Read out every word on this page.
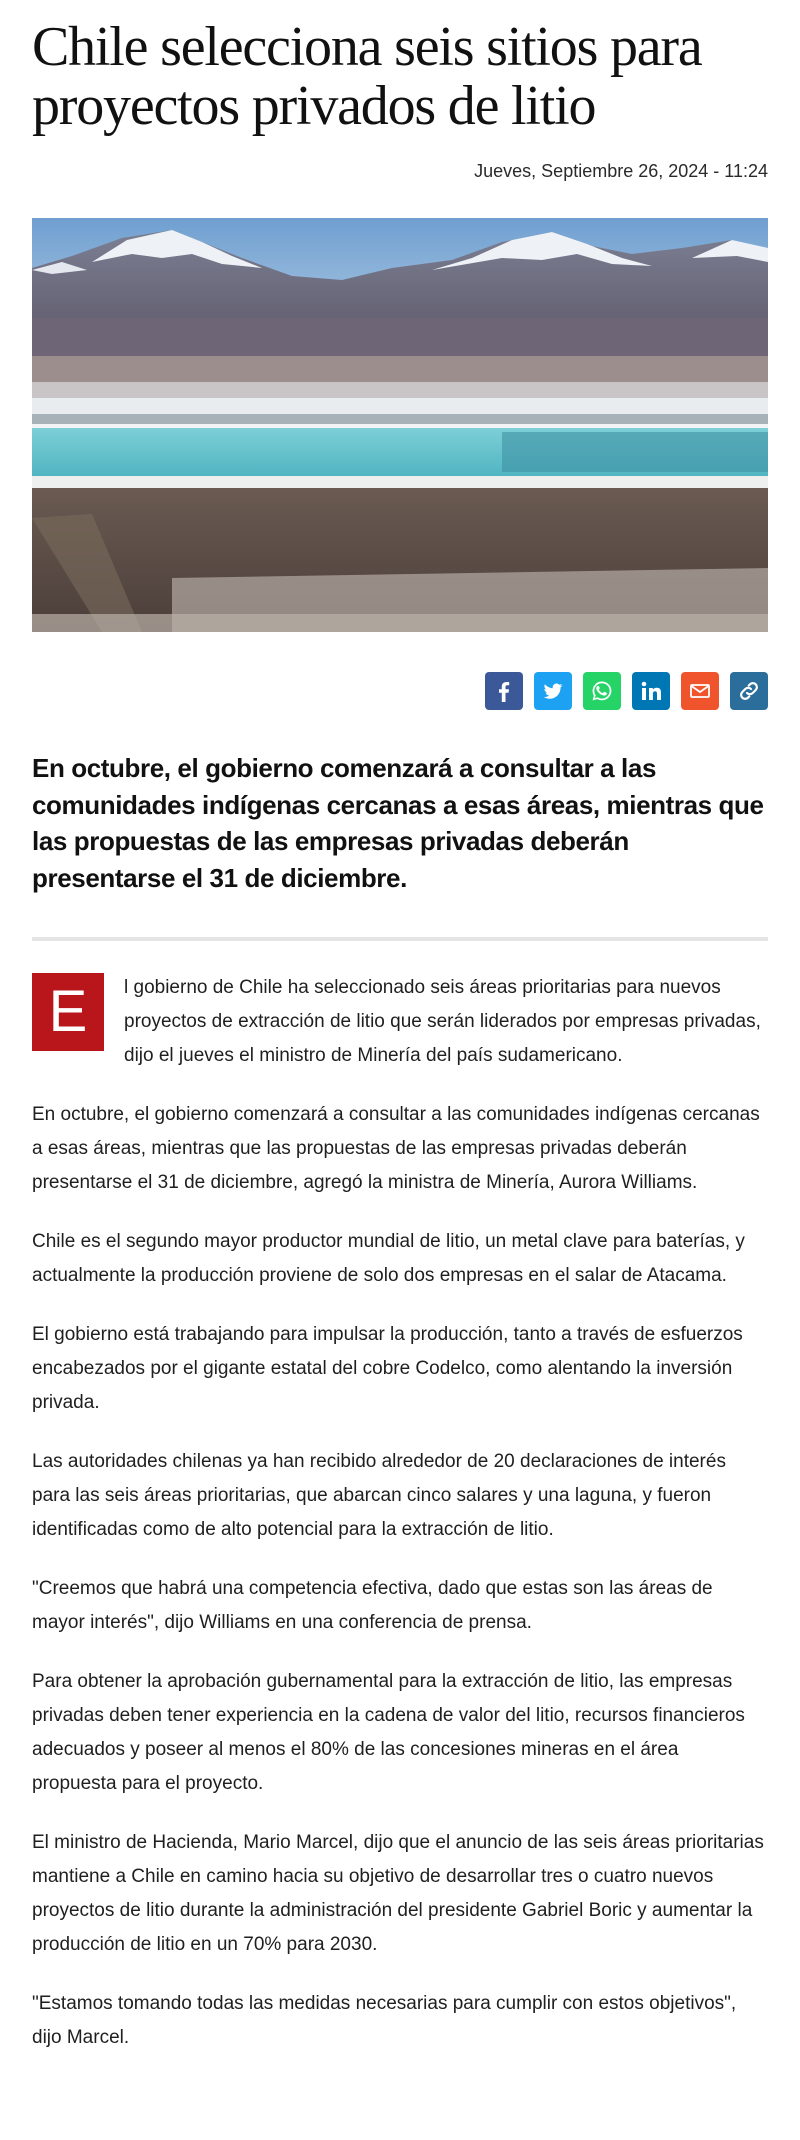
Chile selecciona seis sitios para proyectos privados de litio
Jueves, Septiembre 26, 2024 - 11:24

En octubre, el gobierno comenzará a consultar a las comunidades indígenas cercanas a esas áreas, mientras que las propuestas de las empresas privadas deberán presentarse el 31 de diciembre.

E	l gobierno de Chile ha seleccionado seis áreas prioritarias para nuevos proyectos de extracción de litio que serán liderados por empresas privadas, dijo el jueves el ministro de Minería del país sudamericano.

En octubre, el gobierno comenzará a consultar a las comunidades indígenas cercanas a esas áreas, mientras que las propuestas de las empresas privadas deberán presentarse el 31 de diciembre, agregó la ministra de Minería, Aurora Williams.

Chile es el segundo mayor productor mundial de litio, un metal clave para baterías, y actualmente la producción proviene de solo dos empresas en el salar de Atacama.

El gobierno está trabajando para impulsar la producción, tanto a través de esfuerzos encabezados por el gigante estatal del cobre Codelco, como alentando la inversión privada.

Las autoridades chilenas ya han recibido alrededor de 20 declaraciones de interés para las seis áreas prioritarias, que abarcan cinco salares y una laguna, y fueron identificadas como de alto potencial para la extracción de litio.

"Creemos que habrá una competencia efectiva, dado que estas son las áreas de mayor interés", dijo Williams en una conferencia de prensa.

Para obtener la aprobación gubernamental para la extracción de litio, las empresas privadas deben tener experiencia en la cadena de valor del litio, recursos financieros adecuados y poseer al menos el 80% de las concesiones mineras en el área propuesta para el proyecto.

El ministro de Hacienda, Mario Marcel, dijo que el anuncio de las seis áreas prioritarias mantiene a Chile en camino hacia su objetivo de desarrollar tres o cuatro nuevos proyectos de litio durante la administración del presidente Gabriel Boric y aumentar la producción de litio en un 70% para 2030.

"Estamos tomando todas las medidas necesarias para cumplir con estos objetivos", dijo Marcel.
